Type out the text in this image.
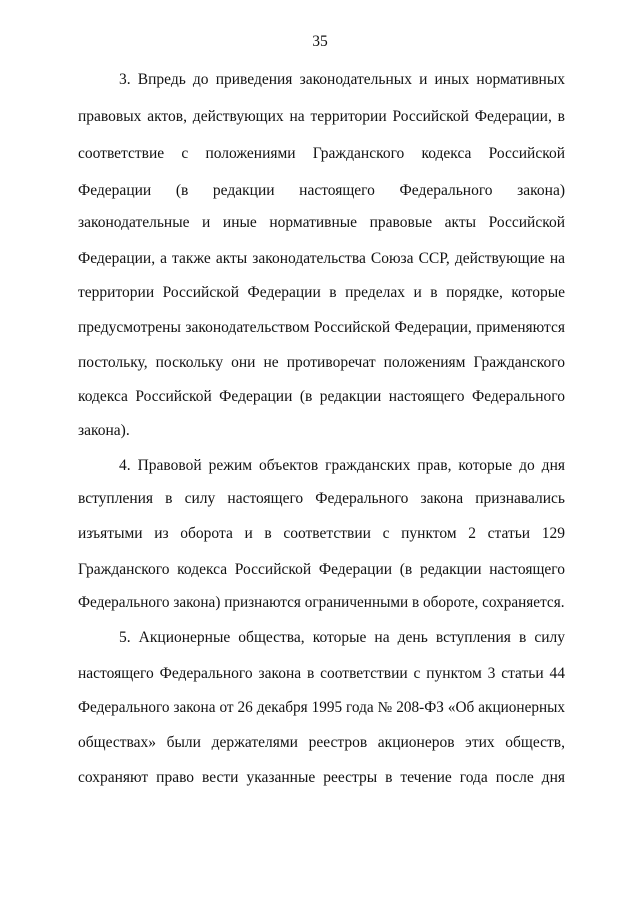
35
3. Впредь до приведения законодательных и иных нормативных
правовых актов, действующих на территории Российской Федерации, в
соответствие с положениями Гражданского кодекса Российской
Федерации (в редакции настоящего Федерального закона)
законодательные и иные нормативные правовые акты Российской
Федерации, а также акты законодательства Союза ССР, действующие на
территории Российской Федерации в пределах и в порядке, которые
предусмотрены законодательством Российской Федерации, применяются
постольку, поскольку они не противоречат положениям Гражданского
кодекса Российской Федерации (в редакции настоящего Федерального
закона).
4. Правовой режим объектов гражданских прав, которые до дня
вступления в силу настоящего Федерального закона признавались
изъятыми из оборота и в соответствии с пунктом 2 статьи 129
Гражданского кодекса Российской Федерации (в редакции настоящего
Федерального закона) признаются ограниченными в обороте, сохраняется.
5. Акционерные общества, которые на день вступления в силу
настоящего Федерального закона в соответствии с пунктом 3 статьи 44
Федерального закона от 26 декабря 1995 года № 208-ФЗ «Об акционерных
обществах» были держателями реестров акционеров этих обществ,
сохраняют право вести указанные реестры в течение года после дня
